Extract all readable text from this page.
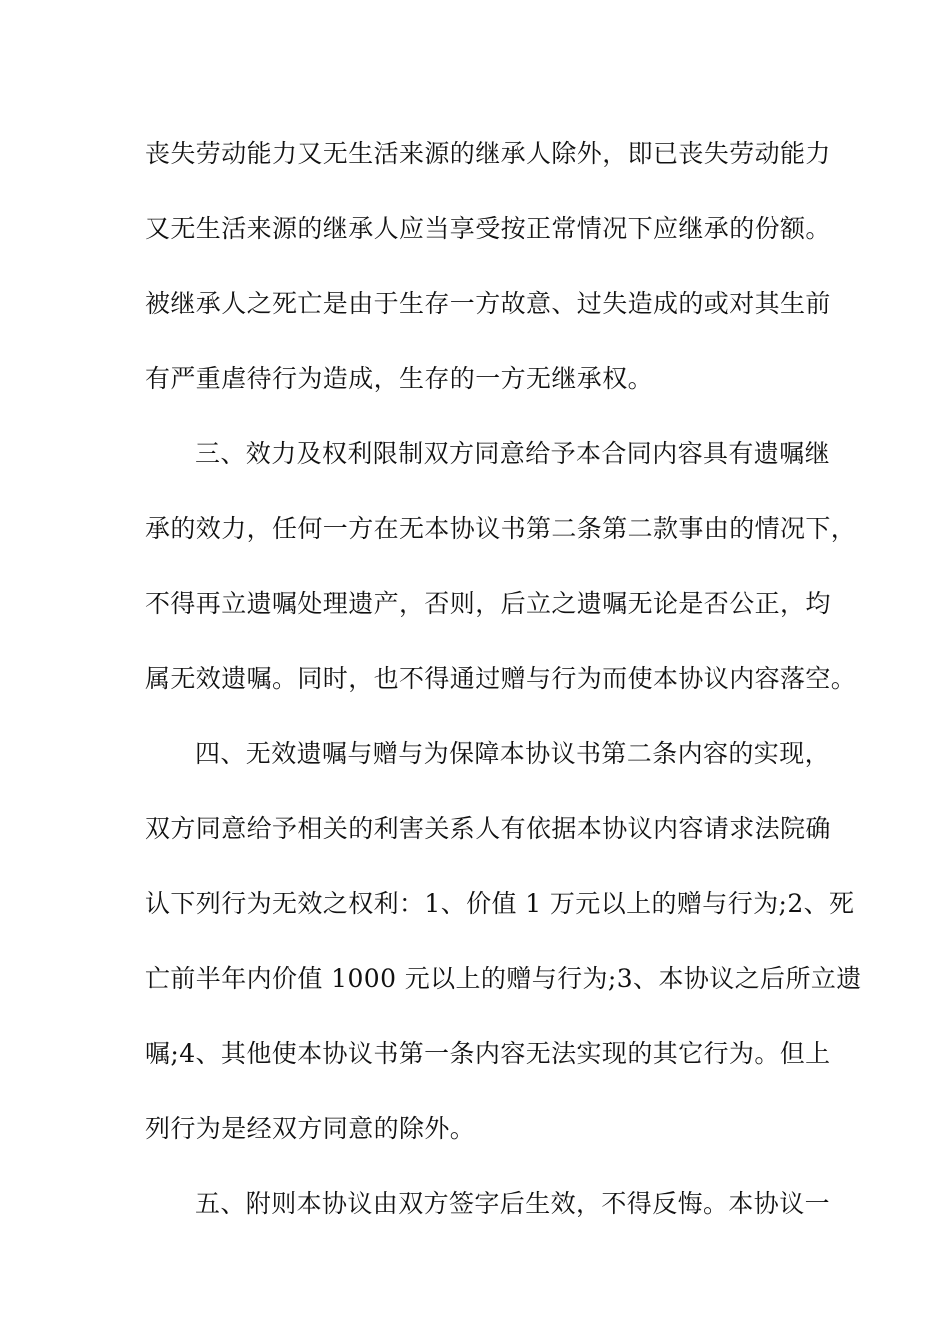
丧失劳动能力又无生活来源的继承人除外，即已丧失劳动能力
又无生活来源的继承人应当享受按正常情况下应继承的份额。
被继承人之死亡是由于生存一方故意、过失造成的或对其生前
有严重虐待行为造成，生存的一方无继承权。
三、效力及权利限制双方同意给予本合同内容具有遗嘱继
承的效力，任何一方在无本协议书第二条第二款事由的情况下，
不得再立遗嘱处理遗产，否则，后立之遗嘱无论是否公正，均
属无效遗嘱。同时，也不得通过赠与行为而使本协议内容落空。
四、无效遗嘱与赠与为保障本协议书第二条内容的实现，
双方同意给予相关的利害关系人有依据本协议内容请求法院确
认下列行为无效之权利：1、价值 1 万元以上的赠与行为;2、死
亡前半年内价值 1000 元以上的赠与行为;3、本协议之后所立遗
嘱;4、其他使本协议书第一条内容无法实现的其它行为。但上
列行为是经双方同意的除外。
五、附则本协议由双方签字后生效，不得反悔。本协议一
